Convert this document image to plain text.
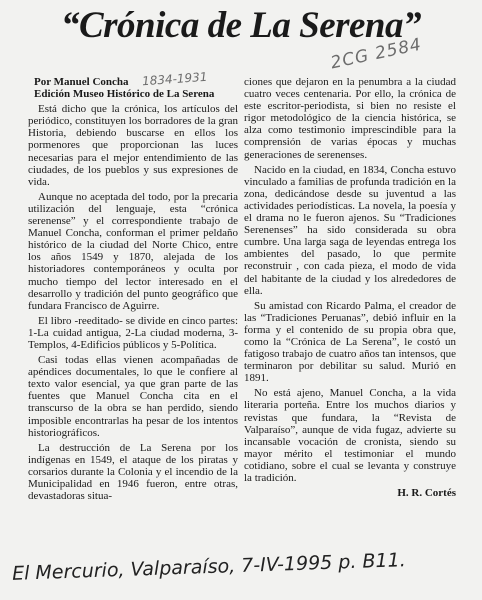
“Crónica de La Serena”
2CG 2584
1834-1931
Por Manuel Concha
Edición Museo Histórico de La Serena

Está dicho que la crónica, los artículos del periódico, constituyen los borradores de la gran Historia, debiendo buscarse en ellos los pormenores que proporcionan las luces necesarias para el mejor entendimiento de las ciudades, de los pueblos y sus expresiones de vida.

Aunque no aceptada del todo, por la precaria utilización del lenguaje, esta “crónica serenense” y el correspondiente trabajo de Manuel Concha, conforman el primer peldaño histórico de la ciudad del Norte Chico, entre los años 1549 y 1870, alejada de los historiadores contemporáneos y oculta por mucho tiempo del lector interesado en el desarrollo y tradición del punto geográfico que fundara Francisco de Aguirre.

El libro -reeditado- se divide en cinco partes: 1-La cuidad antigua, 2-La ciudad moderna, 3-Templos, 4-Edificios públicos y 5-Política.

Casi todas ellas vienen acompañadas de apéndices documentales, lo que le confiere al texto valor esencial, ya que gran parte de las fuentes que Manuel Concha cita en el transcurso de la obra se han perdido, siendo imposible encontrarlas ha pesar de los intentos historiográficos.

La destrucción de La Serena por los indígenas en 1549, el ataque de los piratas y corsarios durante la Colonia y el incendio de la Municipalidad en 1946 fueron, entre otras, devastadoras situa-

ciones que dejaron en la penumbra a la ciudad cuatro veces centenaria. Por ello, la crónica de este escritor-periodista, si bien no resiste el rigor metodológico de la ciencia histórica, se alza como testimonio imprescindible para la comprensión de varias épocas y muchas generaciones de serenenses.

Nacido en la ciudad, en 1834, Concha estuvo vinculado a familias de profunda tradición en la zona, dedicándose desde su juventud a las actividades periodísticas. La novela, la poesía y el drama no le fueron ajenos. Su “Tradiciones Serenenses” ha sido considerada su obra cumbre. Una larga saga de leyendas entrega los ambientes del pasado, lo que permite reconstruir , con cada pieza, el modo de vida del habitante de la ciudad y los alrededores de ella.

Su amistad con Ricardo Palma, el creador de las “Tradiciones Peruanas”, debió influir en la forma y el contenido de su propia obra que, como la “Crónica de La Serena”, le costó un fatigoso trabajo de cuatro años tan intensos, que terminaron por debilitar su salud. Murió en 1891.

No está ajeno, Manuel Concha, a la vida literaria porteña. Entre los muchos diarios y revistas que fundara, la “Revista de Valparaíso”, aunque de vida fugaz, advierte su incansable vocación de cronista, siendo su mayor mérito el testimoniar el mundo cotidiano, sobre el cual se levanta y construye la tradición.

H. R. Cortés
El Mercurio, Valparaíso, 7-IV-1995 p. B11.
